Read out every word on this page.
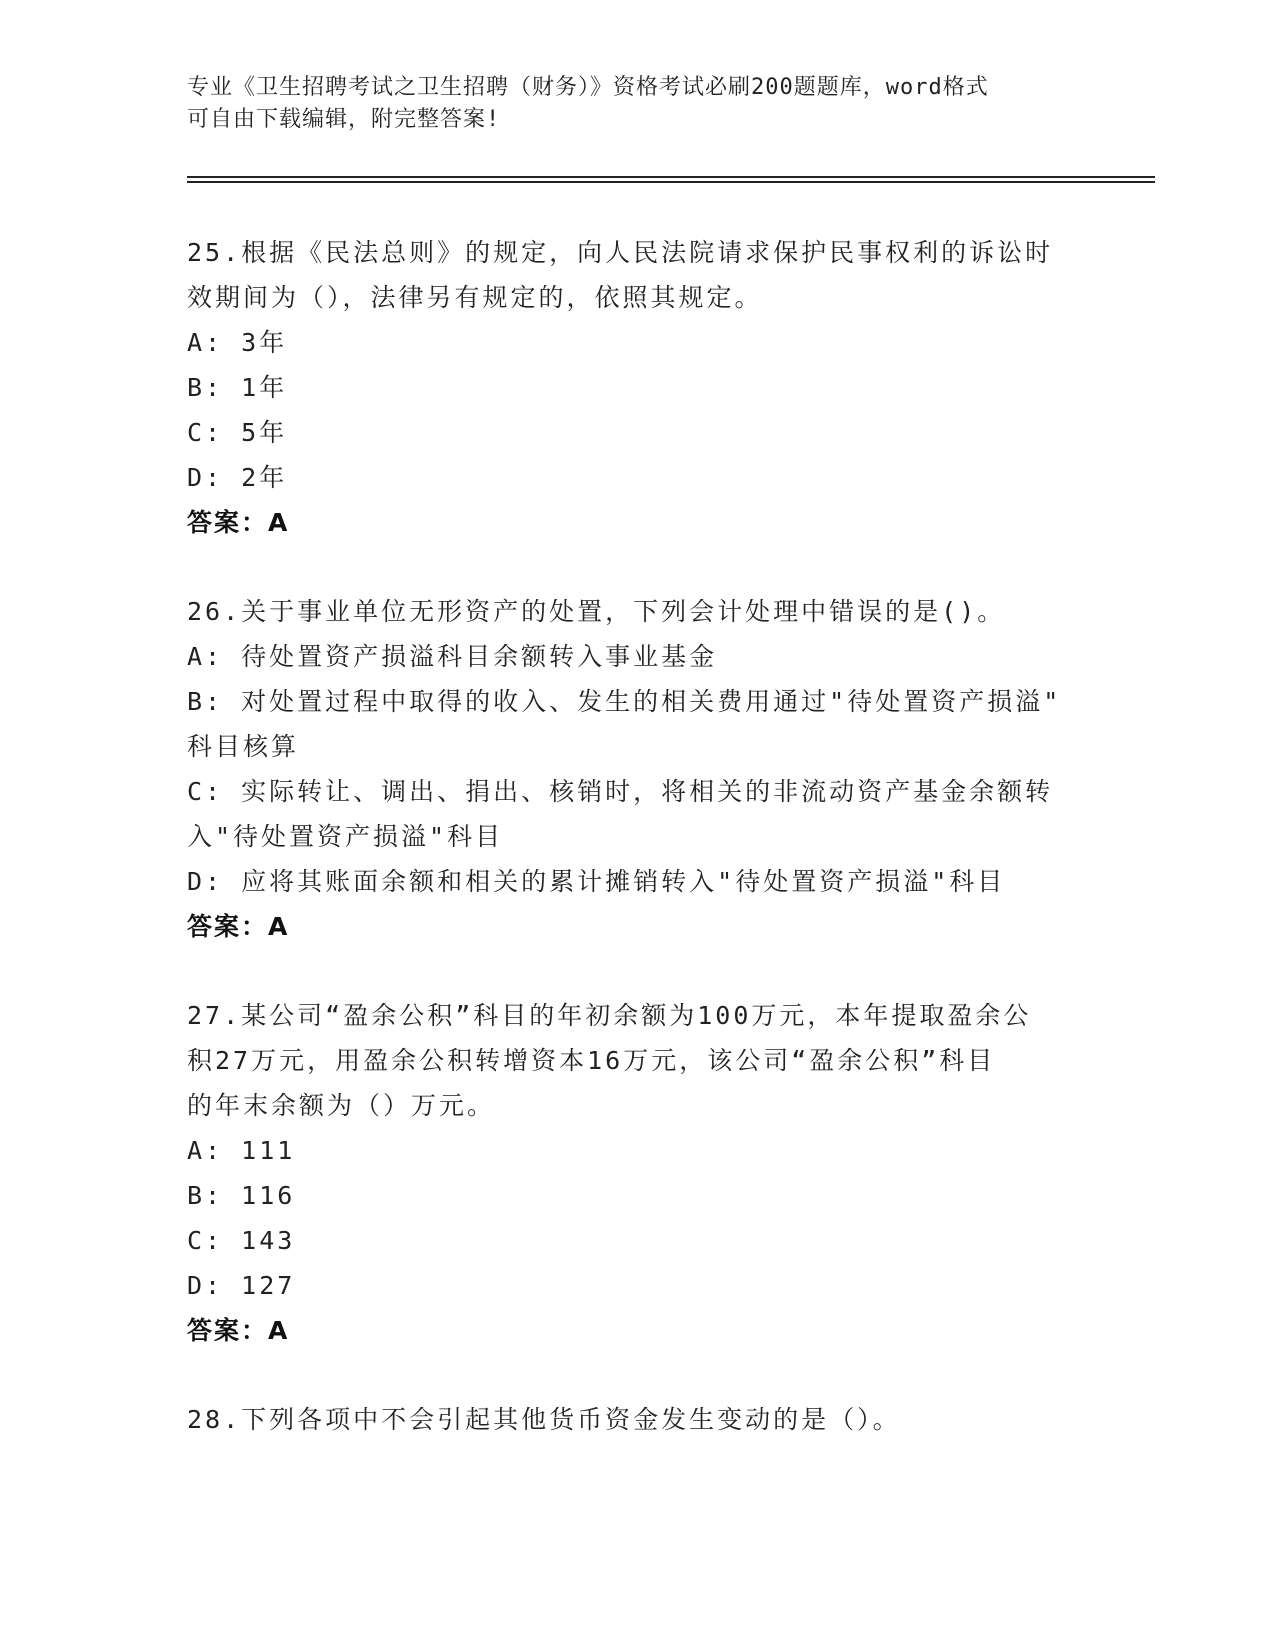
专业《卫生招聘考试之卫生招聘（财务）》资格考试必刷200题题库，word格式
可自由下载编辑，附完整答案!
25.根据《民法总则》的规定，向人民法院请求保护民事权利的诉讼时
效期间为（），法律另有规定的，依照其规定。
A: 3年
B: 1年
C: 5年
D: 2年
答案：A
26.关于事业单位无形资产的处置，下列会计处理中错误的是()。
A: 待处置资产损溢科目余额转入事业基金
B: 对处置过程中取得的收入、发生的相关费用通过"待处置资产损溢"
科目核算
C: 实际转让、调出、捐出、核销时，将相关的非流动资产基金余额转
入"待处置资产损溢"科目
D: 应将其账面余额和相关的累计摊销转入"待处置资产损溢"科目
答案：A
27.某公司“盈余公积”科目的年初余额为100万元，本年提取盈余公
积27万元，用盈余公积转增资本16万元，该公司“盈余公积”科目
的年末余额为（）万元。
A: 111
B: 116
C: 143
D: 127
答案：A
28.下列各项中不会引起其他货币资金发生变动的是（）。
